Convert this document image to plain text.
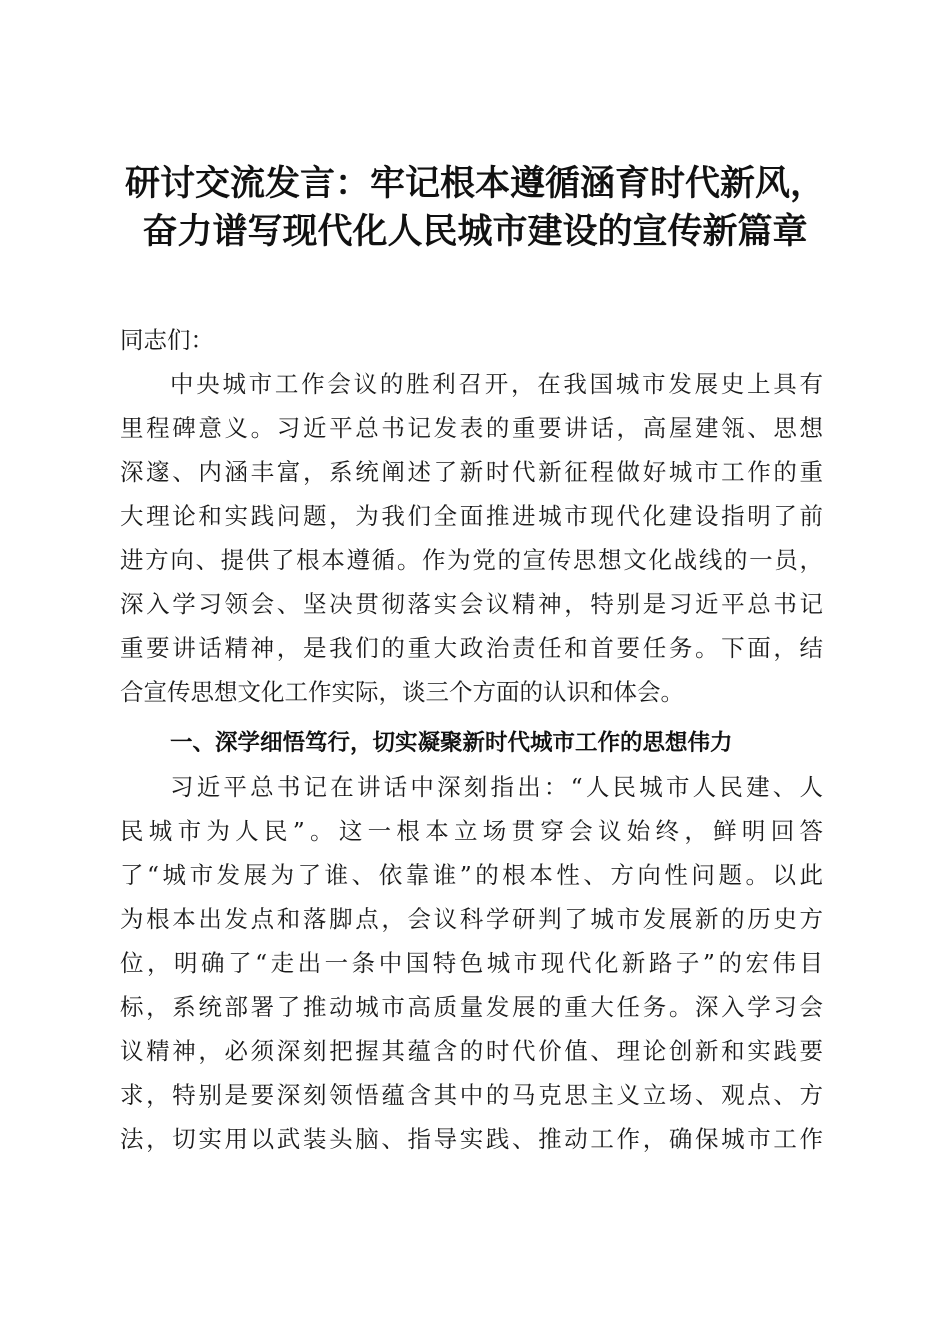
研讨交流发言：牢记根本遵循涵育时代新风，
奋力谱写现代化人民城市建设的宣传新篇章
同志们：
中央城市工作会议的胜利召开，在我国城市发展史上具有
里程碑意义。习近平总书记发表的重要讲话，高屋建瓴、思想
深邃、内涵丰富，系统阐述了新时代新征程做好城市工作的重
大理论和实践问题，为我们全面推进城市现代化建设指明了前
进方向、提供了根本遵循。作为党的宣传思想文化战线的一员，
深入学习领会、坚决贯彻落实会议精神，特别是习近平总书记
重要讲话精神，是我们的重大政治责任和首要任务。下面，结
合宣传思想文化工作实际，谈三个方面的认识和体会。
一、深学细悟笃行，切实凝聚新时代城市工作的思想伟力
习近平总书记在讲话中深刻指出：“人民城市人民建、人
民城市为人民”。这一根本立场贯穿会议始终，鲜明回答
了“城市发展为了谁、依靠谁”的根本性、方向性问题。以此
为根本出发点和落脚点，会议科学研判了城市发展新的历史方
位，明确了“走出一条中国特色城市现代化新路子”的宏伟目
标，系统部署了推动城市高质量发展的重大任务。深入学习会
议精神，必须深刻把握其蕴含的时代价值、理论创新和实践要
求，特别是要深刻领悟蕴含其中的马克思主义立场、观点、方
法，切实用以武装头脑、指导实践、推动工作，确保城市工作
